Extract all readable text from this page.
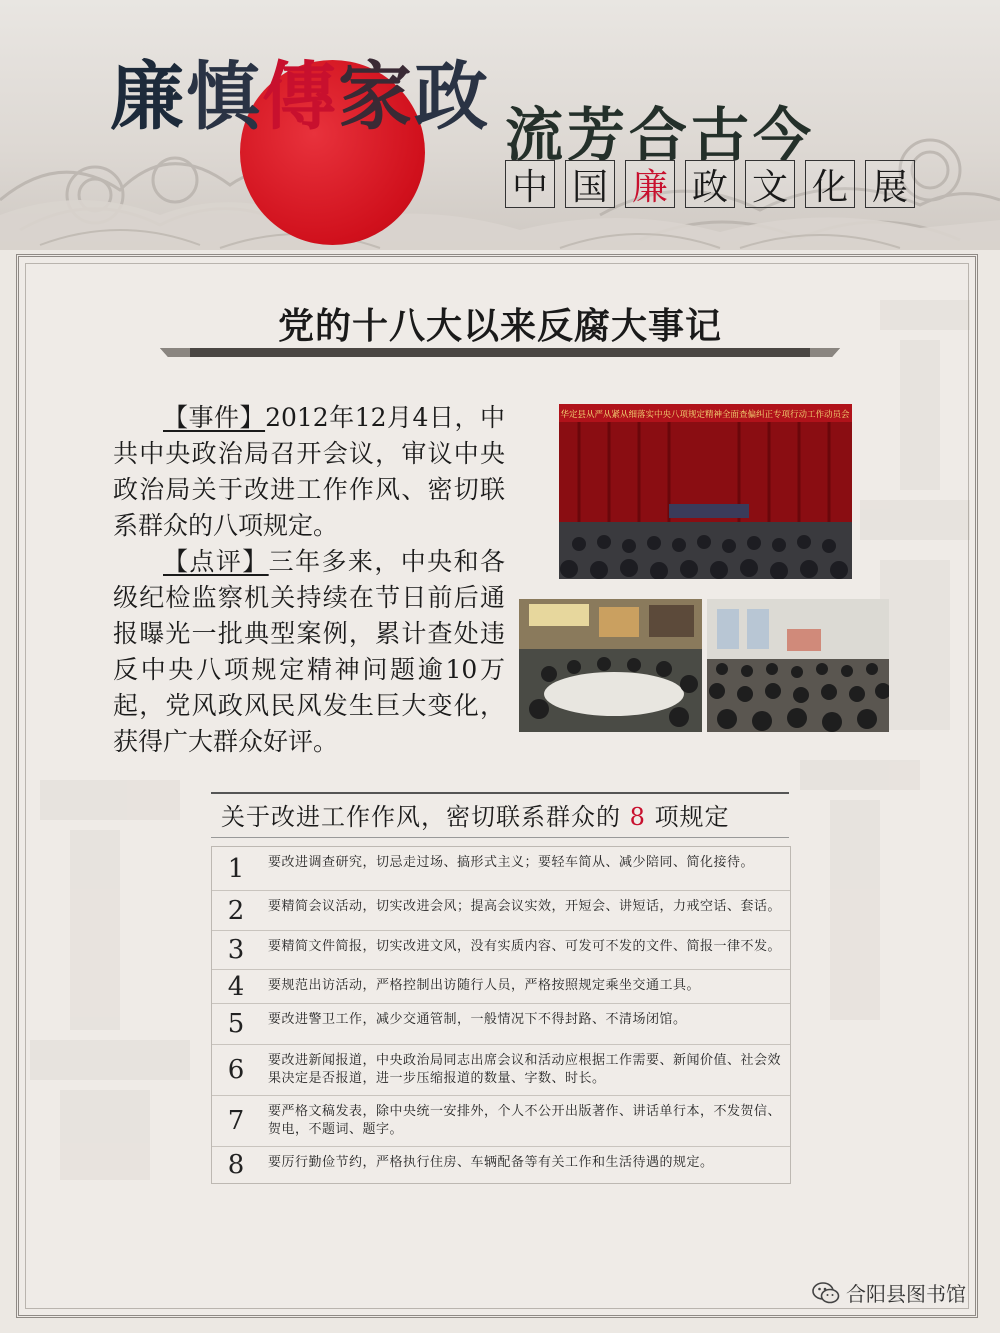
廉慎傳家政 流芳合古今
中 国 廉 政 文 化 展
党的十八大以来反腐大事记

【事件】2012年12月4日，中共中央政治局召开会议，审议中央政治局关于改进工作作风、密切联系群众的八项规定。

【点评】三年多来，中央和各级纪检监察机关持续在节日前后通报曝光一批典型案例，累计查处违反中央八项规定精神问题逾10万起，党风政风民风发生巨大变化，获得广大群众好评。

华定县从严从紧从细落实中央八项规定精神全面查偏纠正专项行动工作动员会
关于改进工作作风，密切联系群众的 8 项规定
1	要改进调查研究，切忌走过场、搞形式主义；要轻车简从、减少陪同、简化接待。
2	要精简会议活动，切实改进会风；提高会议实效，开短会、讲短话，力戒空话、套话。
3	要精简文件简报，切实改进文风，没有实质内容、可发可不发的文件、简报一律不发。
4	要规范出访活动，严格控制出访随行人员，严格按照规定乘坐交通工具。
5	要改进警卫工作，减少交通管制，一般情况下不得封路、不清场闭馆。
6	要改进新闻报道，中央政治局同志出席会议和活动应根据工作需要、新闻价值、社会效果决定是否报道，进一步压缩报道的数量、字数、时长。
7	要严格文稿发表，除中央统一安排外，个人不公开出版著作、讲话单行本，不发贺信、贺电，不题词、题字。
8	要厉行勤俭节约，严格执行住房、车辆配备等有关工作和生活待遇的规定。
合阳县图书馆
